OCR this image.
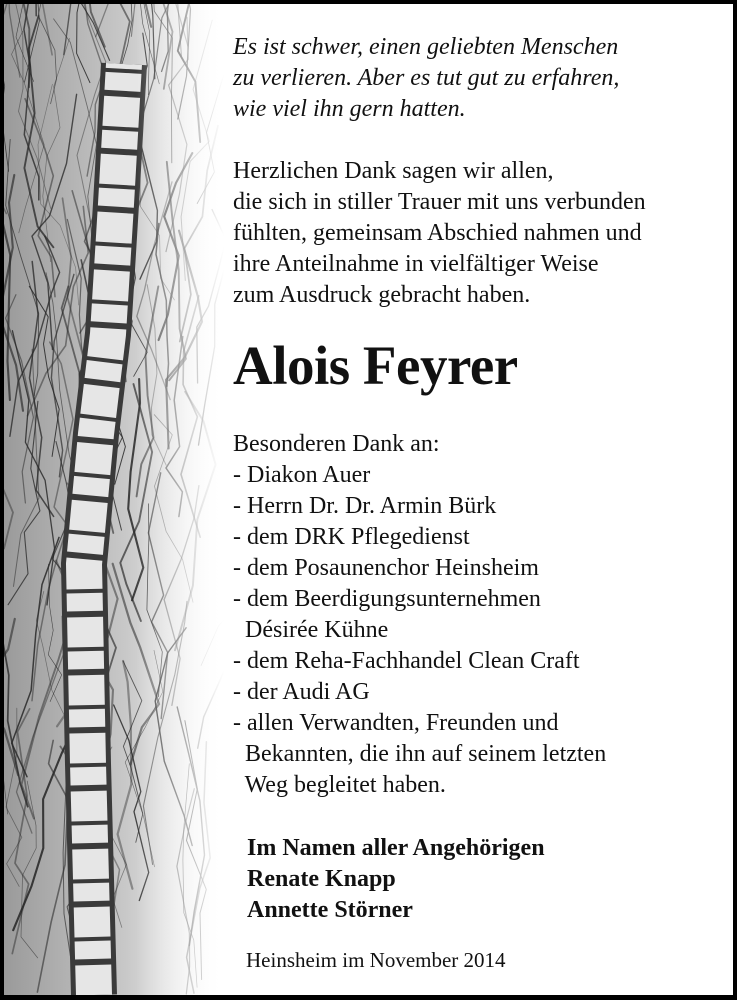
Es ist schwer, einen geliebten Menschen
zu verlieren. Aber es tut gut zu erfahren,
wie viel ihn gern hatten.
Herzlichen Dank sagen wir allen,
die sich in stiller Trauer mit uns verbunden
fühlten, gemeinsam Abschied nahmen und
ihre Anteilnahme in vielfältiger Weise
zum Ausdruck gebracht haben.
Alois Feyrer
Besonderen Dank an:
- Diakon Auer
- Herrn Dr. Dr. Armin Bürk
- dem DRK Pflegedienst
- dem Posaunenchor Heinsheim
- dem Beerdigungsunternehmen
Désirée Kühne
- dem Reha-Fachhandel Clean Craft
- der Audi AG
- allen Verwandten, Freunden und
Bekannten, die ihn auf seinem letzten
Weg begleitet haben.
Im Namen aller Angehörigen
Renate Knapp
Annette Störner
Heinsheim im November 2014
